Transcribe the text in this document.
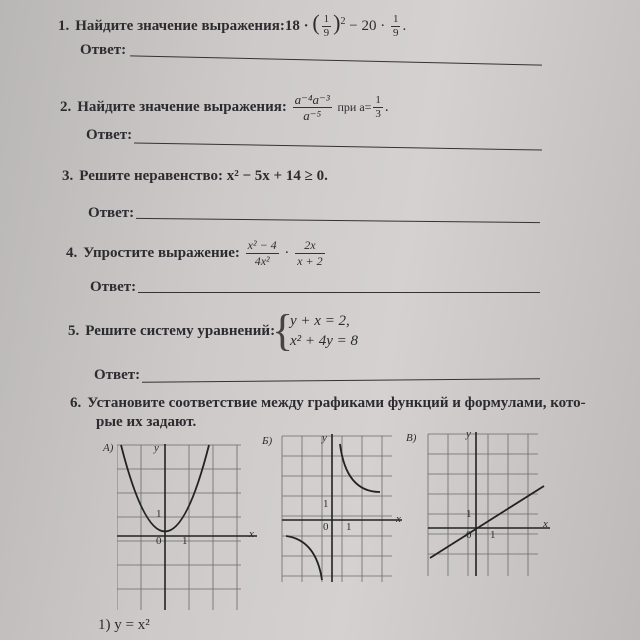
1. Найдите значение выражения:18 · ( $\frac{1}{9} )^2 - 20 \cdot \frac{1}{9}$ .
Ответ:
2. Найдите значение выражения: $\frac{\text{a⁻⁴a⁻³}}{\text{a⁻⁵}}$ при $a= \frac{1}{3}$ .
Ответ:
3. Решите неравенство: x² − 5x + 14 ≥ 0.
Ответ:
4. Упростите выражение: $\frac{\text{x² − 4}}{\text{4x²}} \cdot \frac{2x}{x + 2}$
Ответ:
5. Решите систему уравнений:
{
y + x = 2,
x² + 4y = 8
Ответ:
6. Установите соответствие между графиками функций и формулами, кото-
рые их задают.
А)	y
x
1
0 1
Б)	y
x
1
0 1
В)	y
x
1
0 1
1) y = x²
